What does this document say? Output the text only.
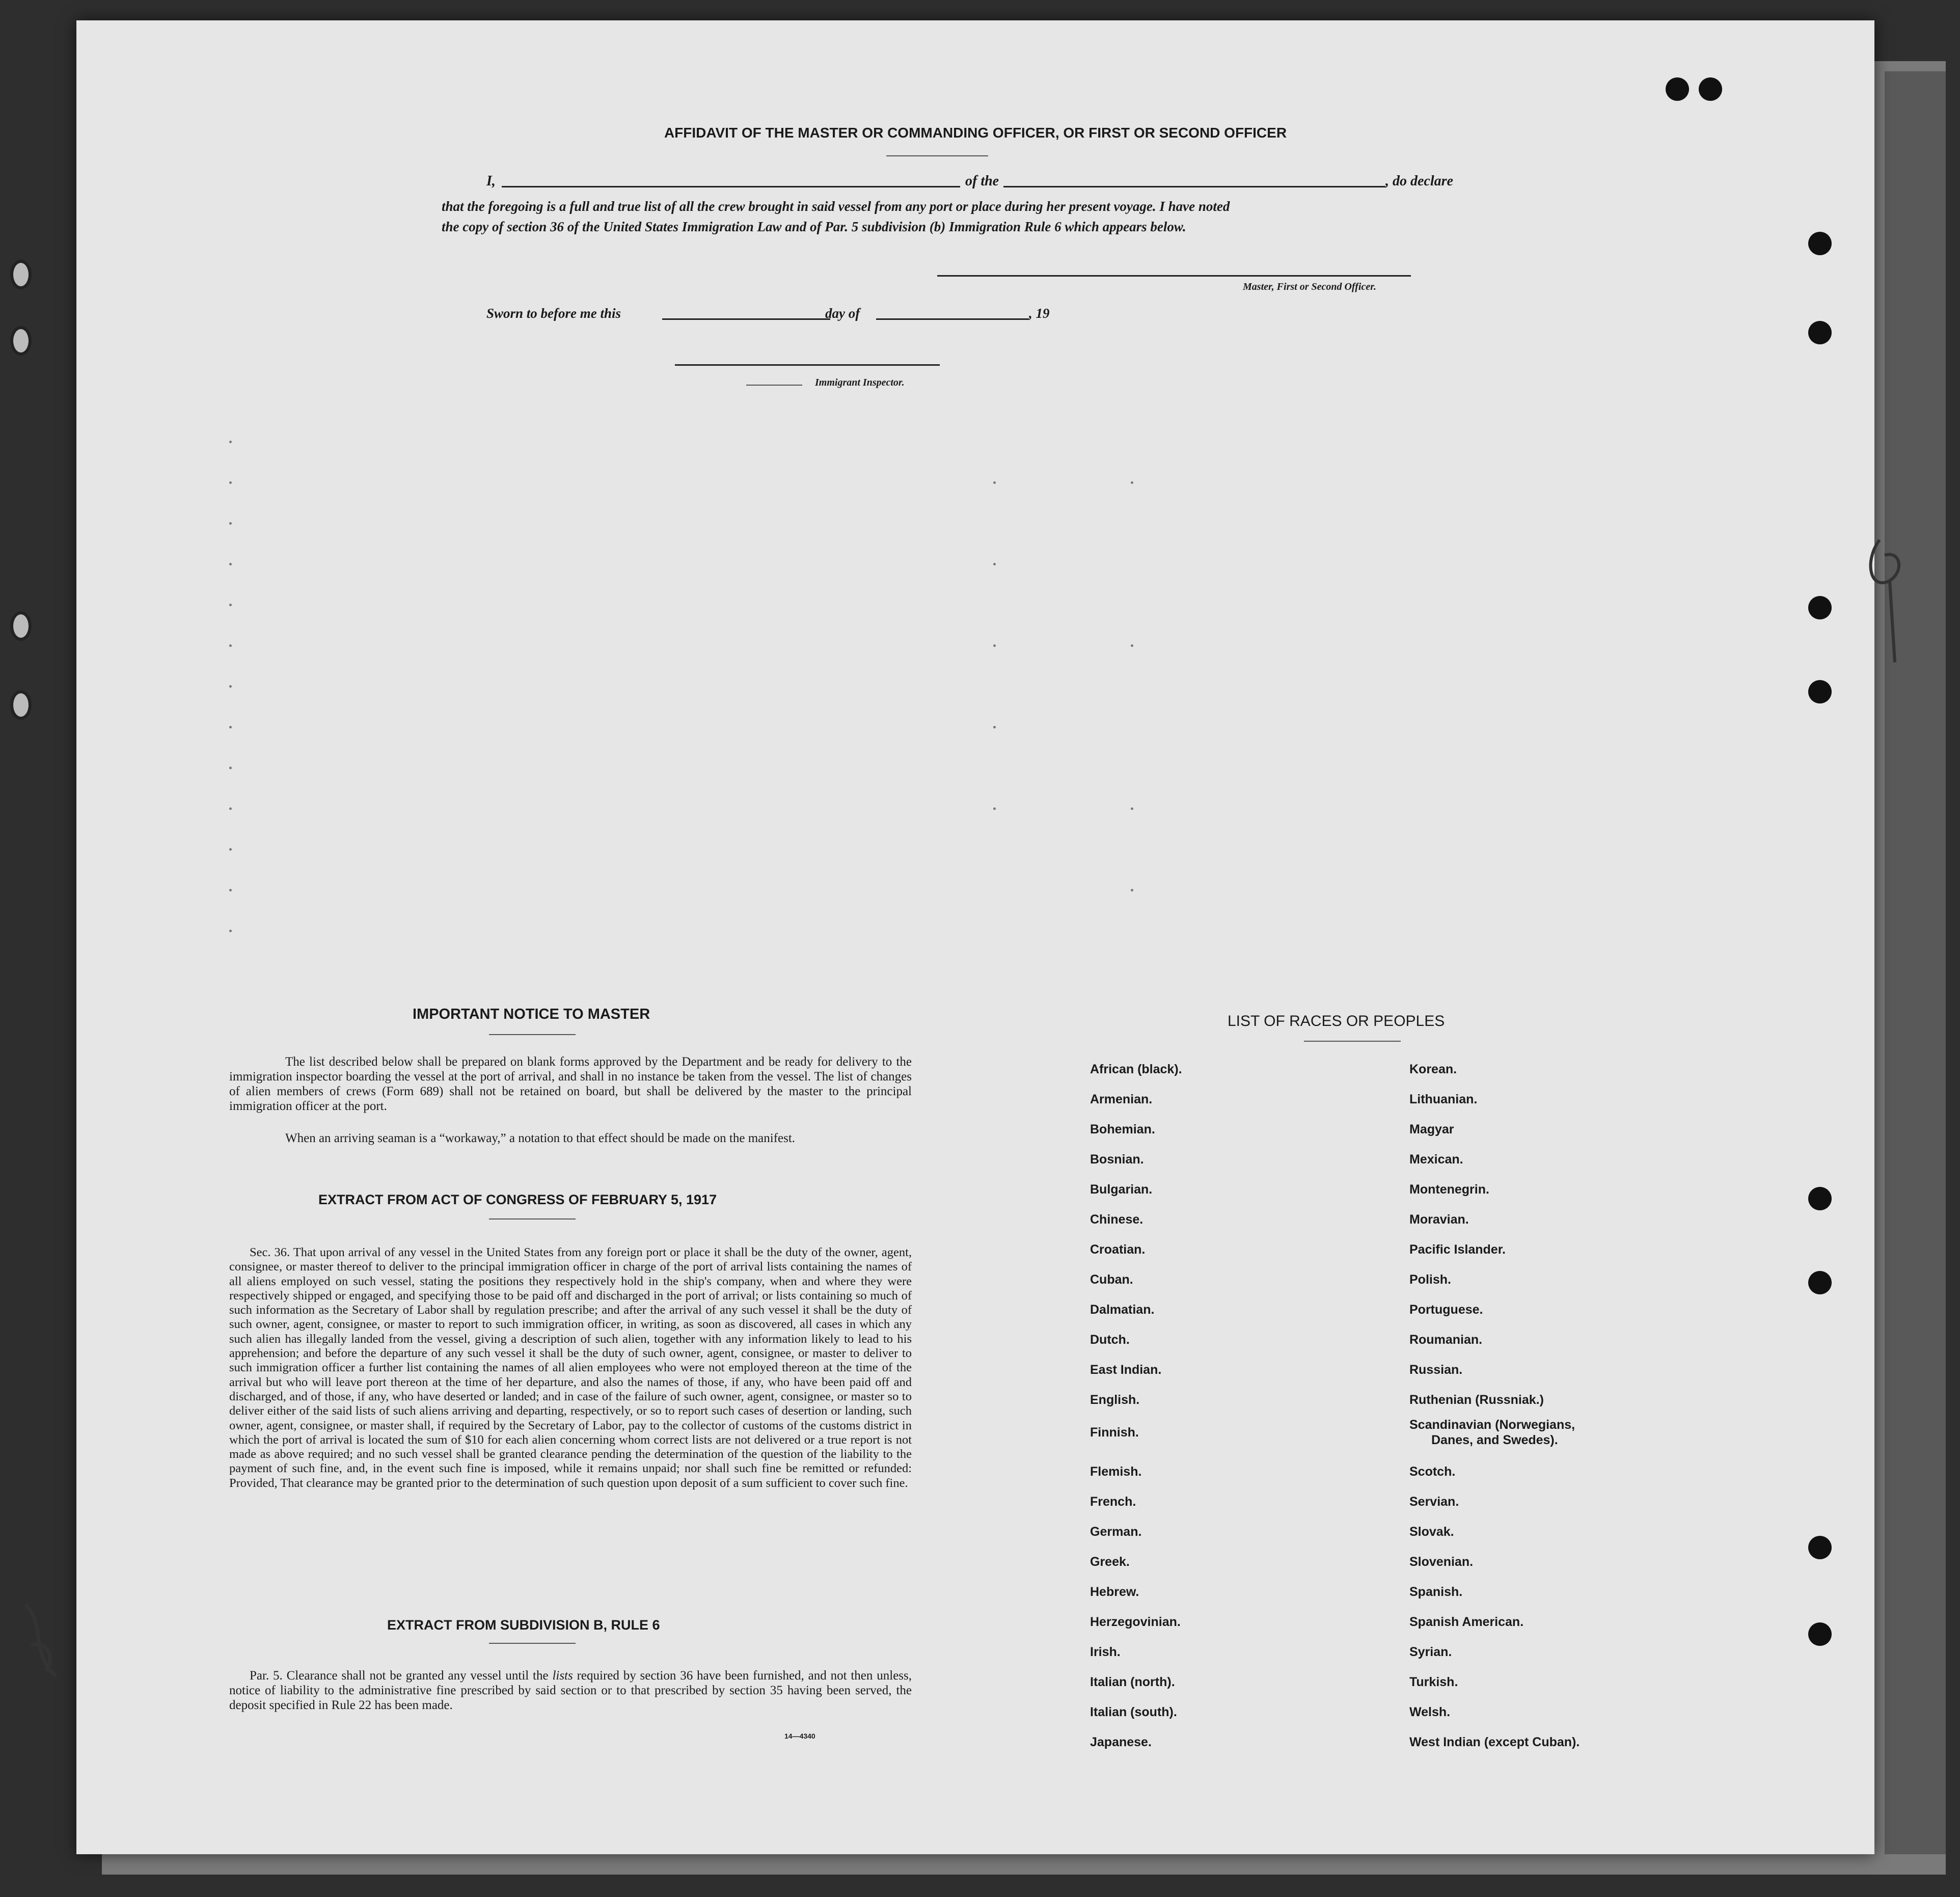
AFFIDAVIT OF THE MASTER OR COMMANDING OFFICER, OR FIRST OR SECOND OFFICER
I,	of the	, do declare
that the foregoing is a full and true list of all the crew brought in said vessel from any port or place during her present voyage. I have noted
the copy of section 36 of the United States Immigration Law and of Par. 5 subdivision (b) Immigration Rule 6 which appears below.
Master, First or Second Officer.
Sworn to before me this	day of	, 19
Immigrant Inspector.
IMPORTANT NOTICE TO MASTER
The list described below shall be prepared on blank forms approved by the Department and be ready for delivery to the immigration inspector boarding the vessel at the port of arrival, and shall in no instance be taken from the vessel. The list of changes of alien members of crews (Form 689) shall not be retained on board, but shall be delivered by the master to the principal immigration officer at the port.
When an arriving seaman is a “workaway,” a notation to that effect should be made on the manifest.
EXTRACT FROM ACT OF CONGRESS OF FEBRUARY 5, 1917
Sec. 36. That upon arrival of any vessel in the United States from any foreign port or place it shall be the duty of the owner, agent, consignee, or master thereof to deliver to the principal immigration officer in charge of the port of arrival lists containing the names of all aliens employed on such vessel, stating the positions they respectively hold in the ship's company, when and where they were respectively shipped or engaged, and specifying those to be paid off and discharged in the port of arrival; or lists containing so much of such information as the Secretary of Labor shall by regulation prescribe; and after the arrival of any such vessel it shall be the duty of such owner, agent, consignee, or master to report to such immigration officer, in writing, as soon as discovered, all cases in which any such alien has illegally landed from the vessel, giving a description of such alien, together with any information likely to lead to his apprehension; and before the departure of any such vessel it shall be the duty of such owner, agent, consignee, or master to deliver to such immigration officer a further list containing the names of all alien employees who were not employed thereon at the time of the arrival but who will leave port thereon at the time of her departure, and also the names of those, if any, who have been paid off and discharged, and of those, if any, who have deserted or landed; and in case of the failure of such owner, agent, consignee, or master so to deliver either of the said lists of such aliens arriving and departing, respectively, or so to report such cases of desertion or landing, such owner, agent, consignee, or master shall, if required by the Secretary of Labor, pay to the collector of customs of the customs district in which the port of arrival is located the sum of $10 for each alien concerning whom correct lists are not delivered or a true report is not made as above required; and no such vessel shall be granted clearance pending the determination of the question of the liability to the payment of such fine, and, in the event such fine is imposed, while it remains unpaid; nor shall such fine be remitted or refunded: Provided, That clearance may be granted prior to the determination of such question upon deposit of a sum sufficient to cover such fine.
EXTRACT FROM SUBDIVISION B, RULE 6
Par. 5. Clearance shall not be granted any vessel until the lists required by section 36 have been furnished, and not then unless, notice of liability to the administrative fine prescribed by said section or to that prescribed by section 35 having been served, the deposit specified in Rule 22 has been made.
14—4340
LIST OF RACES OR PEOPLES
African (black).
Armenian.
Bohemian.
Bosnian.
Bulgarian.
Chinese.
Croatian.
Cuban.
Dalmatian.
Dutch.
East Indian.
English.
Finnish.
Flemish.
French.
German.
Greek.
Hebrew.
Herzegovinian.
Irish.
Italian (north).
Italian (south).
Japanese.
Korean.
Lithuanian.
Magyar
Mexican.
Montenegrin.
Moravian.
Pacific Islander.
Polish.
Portuguese.
Roumanian.
Russian.
Ruthenian (Russniak.)
Scandinavian (Norwegians,
Danes, and Swedes).
Scotch.
Servian.
Slovak.
Slovenian.
Spanish.
Spanish American.
Syrian.
Turkish.
Welsh.
West Indian (except Cuban).
